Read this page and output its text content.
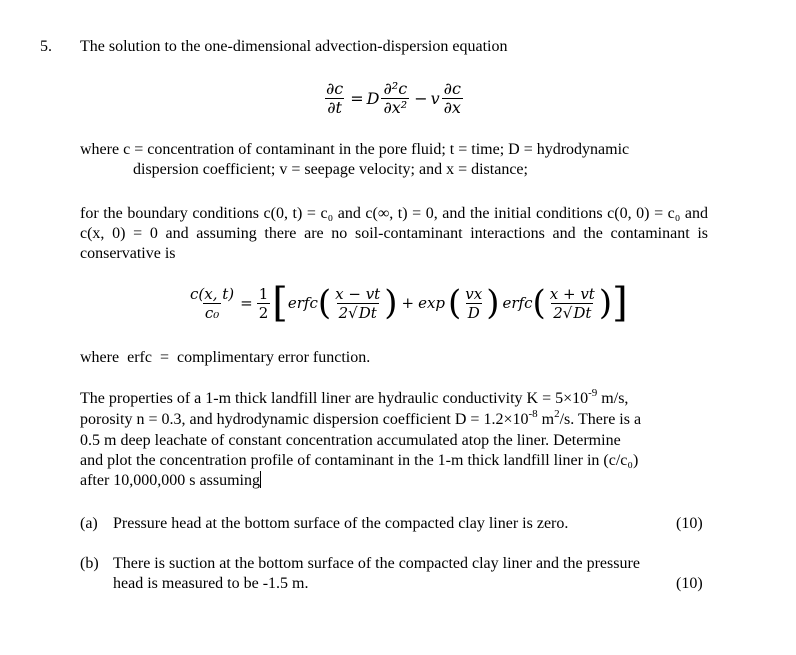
5. The solution to the one-dimensional advection-dispersion equation
$\frac{\partial c}{\partial t} = D \frac{\text{∂²c}}{\text{∂x²}} - v \frac{\partial c}{\partial x}$
where c = concentration of contaminant in the pore fluid; t = time; D = hydrodynamic
dispersion coefficient; v = seepage velocity; and x = distance;
for the boundary conditions c(0, t) = c₀ and c(∞, t) = 0, and the initial conditions c(0, 0) = c₀ and c(x, 0) = 0 and assuming there are no soil-contaminant interactions and the contaminant is conservative is
$\frac{c(x, t)}{\text{c₀}} = \frac{1}{2}$ [ erfc ( $\frac{x - vt}{2√Dt}$ ) + exp ( $\frac{vx}{D}$ ) erfc ( $\frac{x + vt}{2√Dt}$ ) ]
where  erfc  =  complimentary error function.
The properties of a 1-m thick landfill liner are hydraulic conductivity $K = 5\times 10^{-9}$ m/s,
porosity n = 0.3, and hydrodynamic dispersion coefficient $D = 1.2\times 10^{-8}$ $m^2/s$. There is a
0.5 m deep leachate of constant concentration accumulated atop the liner. Determine
and plot the concentration profile of contaminant in the 1-m thick landfill liner in (c/c₀)
after 10,000,000 s assuming
(a) Pressure head at the bottom surface of the compacted clay liner is zero.	(10)
(b) There is suction at the bottom surface of the compacted clay liner and the pressure
head is measured to be -1.5 m.	(10)
